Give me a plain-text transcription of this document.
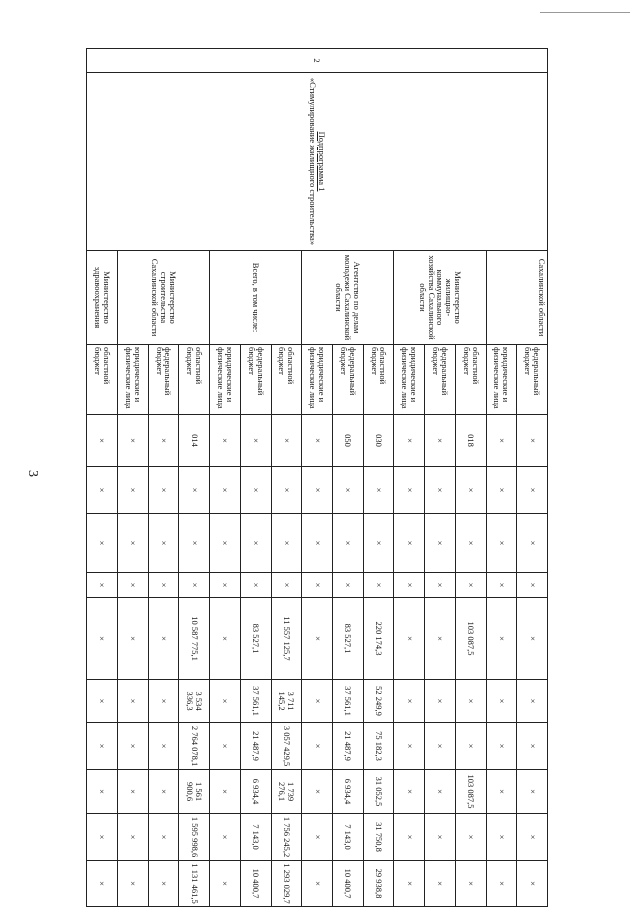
3
2	Подпрограмма 1
«Стимулирование жилищного строительства»	Сахалинской области	федеральный бюджет	×	×	×	×	×	×	×	×	×	×
			юридические и физические лица	×	×	×	×	×	×	×	×	×	×
		Министерство жилищно-коммунального хозяйства Сахалинской области	областной бюджет	018	×	×	×	103 087,5	×	×	103 087,5	×	×
			федеральный бюджет	×	×	×	×	×	×	×	×	×	×
			юридические и физические лица	×	×	×	×	×	×	×	×	×	×
		Агентство по делам молодежи Сахалинской области	областной бюджет	030	×	×	×	220 174,3	52 249,9	75 182,3	31 052,5	31 750,8	29 938,8
			федеральный бюджет	050	×	×	×	83 527,1	37 561,1	21 487,9	6 934,4	7 143,0	10 400,7
			юридические и физические лица	×	×	×	×	×	×	×	×	×	×
		Всего, в том числе:	областной бюджет	×	×	×	×	11 557 125,7	3 711 145,2	3 057 429,5	1 739 276,1	1 756 245,2	1 293 029,7
			федеральный бюджет	×	×	×	×	83 527,1	37 561,1	21 487,9	6 934,4	7 143,0	10 400,7
			юридические и физические лица	×	×	×	×	×	×	×	×	×	×
		Министерство строительства Сахалинской области	областной бюджет	014	×	×	×	10 587 775,1	3 534 336,3	2 764 078,1	1 561 900,6	1 595 998,6	1 131 461,5
			федеральный бюджет	×	×	×	×	×	×	×	×	×	×
			юридические и физические лица	×	×	×	×	×	×	×	×	×	×
		Министерство здравоохранения	областной бюджет	×	×	×	×	×	×	×	×	×	×
